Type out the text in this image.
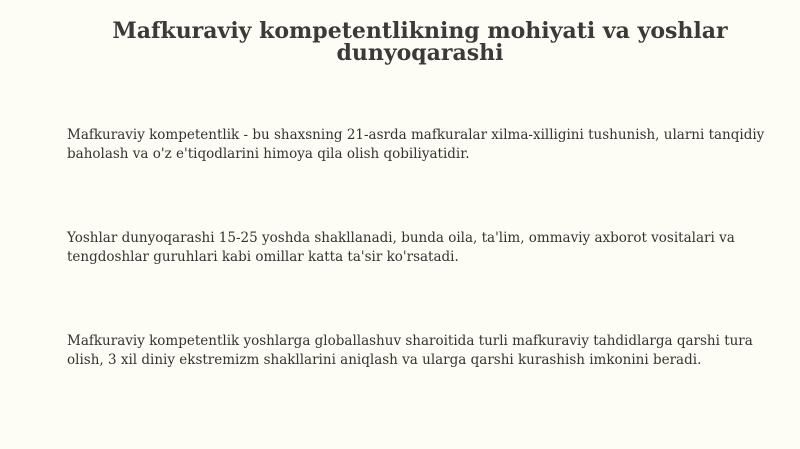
Mafkuraviy kompetentlikning mohiyati va yoshlar dunyoqarashi

Mafkuraviy kompetentlik - bu shaxsning 21-asrda mafkuralar xilma-xilligini tushunish, ularni tanqidiy baholash va o'z e'tiqodlarini himoya qila olish qobiliyatidir.

Yoshlar dunyoqarashi 15-25 yoshda shakllanadi, bunda oila, ta'lim, ommaviy axborot vositalari va tengdoshlar guruhlari kabi omillar katta ta'sir ko'rsatadi.

Mafkuraviy kompetentlik yoshlarga globallashuv sharoitida turli mafkuraviy tahdidlarga qarshi tura olish, 3 xil diniy ekstremizm shakllarini aniqlash va ularga qarshi kurashish imkonini beradi.
